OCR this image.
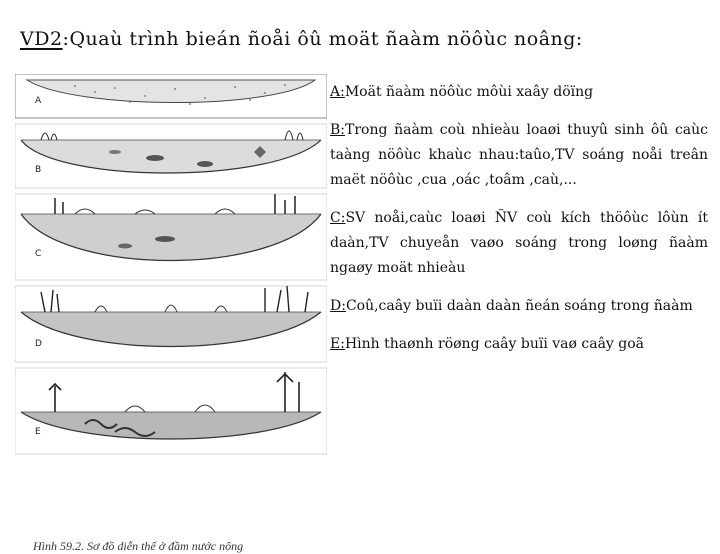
VD2:Quaù trình bieán ñoåi ôû moät ñaàm nöôùc noâng:
A
B
C
D
E
Hình 59.2. Sơ đồ diễn thế ở đầm nước nông

A:Moät ñaàm nöôùc môùi xaây döïng

B:Trong ñaàm coù nhieàu loaøi thuyû sinh ôû caùc taàng nöôùc khaùc nhau:taûo,TV soáng noåi treân maët nöôùc ,cua ,oác ,toâm ,caù,...

C:SV noåi,caùc loaøi ÑV coù kích thöôùc lôùn ít daàn,TV chuyeån vaøo soáng trong loøng ñaàm ngaøy moät nhieàu

D:Coû,caây buïi daàn daàn ñeán soáng trong ñaàm

E:Hình thaønh röøng caây buïi vaø caây goã
